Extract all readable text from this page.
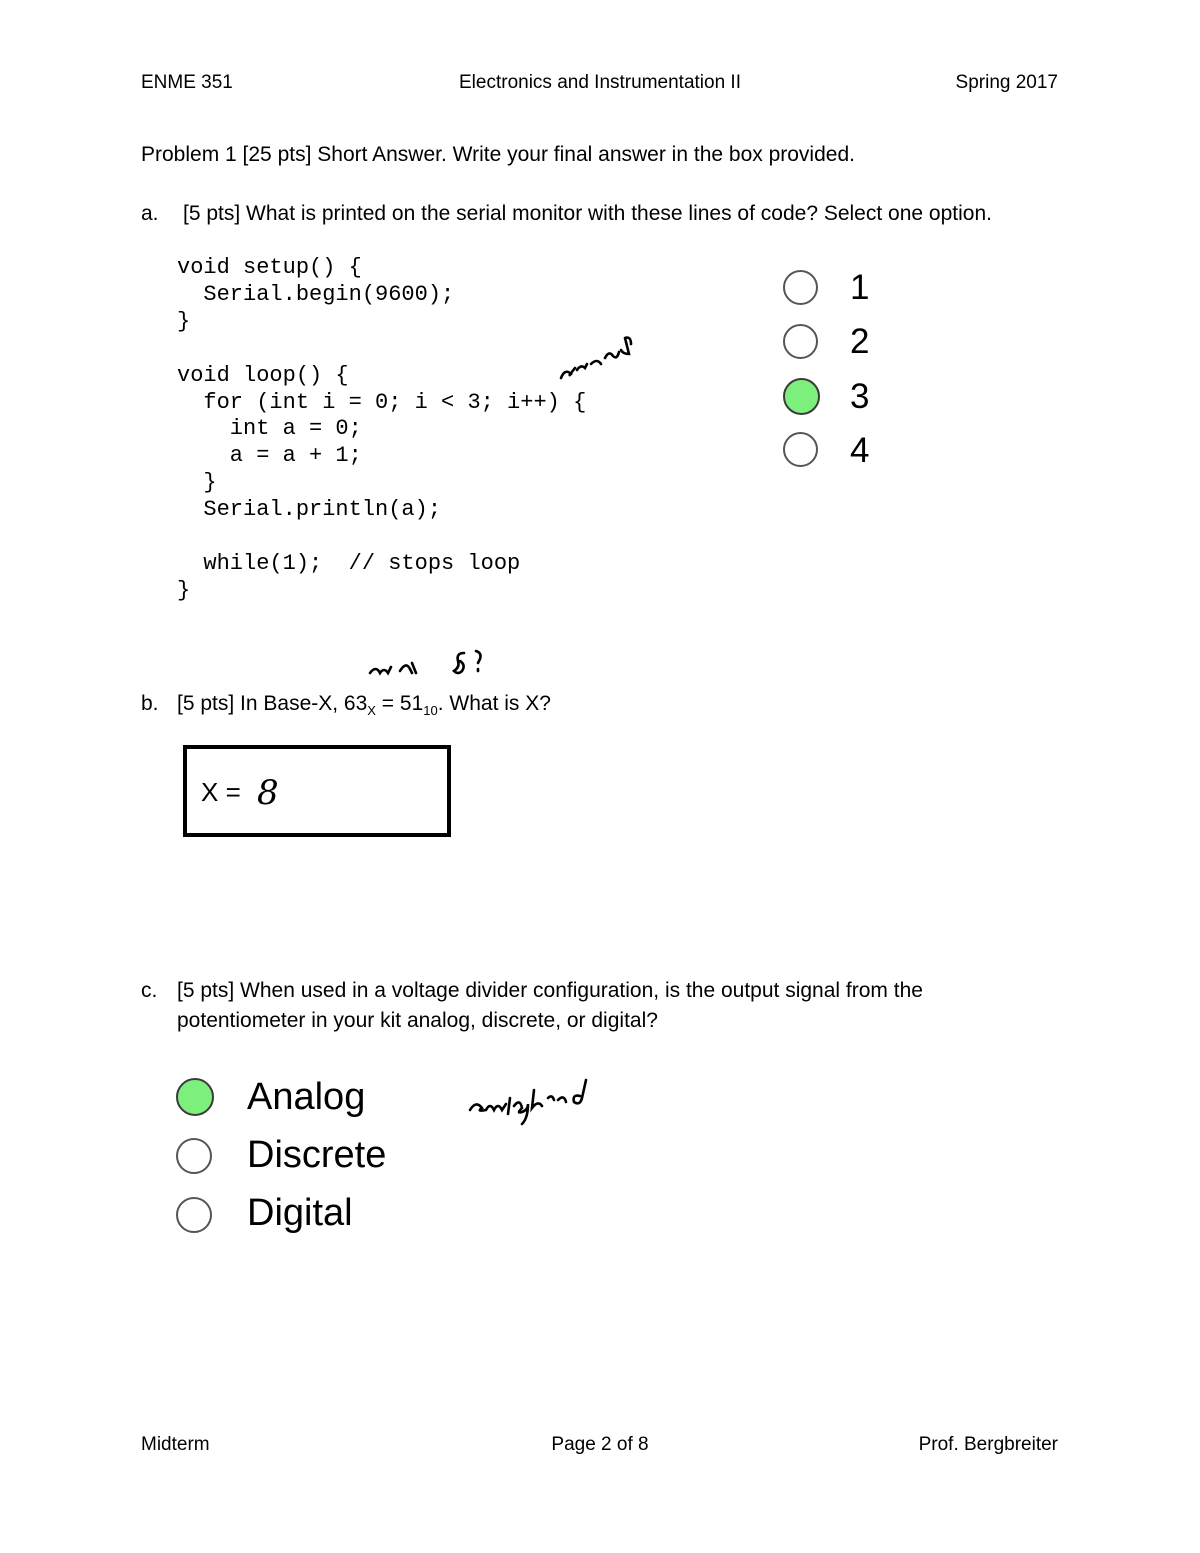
ENME 351	Electronics and Instrumentation II	Spring 2017
Problem 1 [25 pts] Short Answer. Write your final answer in the box provided.
a. [5 pts] What is printed on the serial monitor with these lines of code? Select one option.
void setup() {
Serial.begin(9600);
}

void loop() {
for (int i = 0; i < 3; i++) {
int a = 0;
a = a + 1;
}
Serial.println(a);

while(1);  // stops loop
}
1
2
3
4
b. [5 pts] In Base-X, $63_X = 51_{10}$. What is X?
X = 8
c. [5 pts] When used in a voltage divider configuration, is the output signal from the
potentiometer in your kit analog, discrete, or digital?
Analog
Discrete
Digital
Midterm	Page 2 of 8	Prof. Bergbreiter
